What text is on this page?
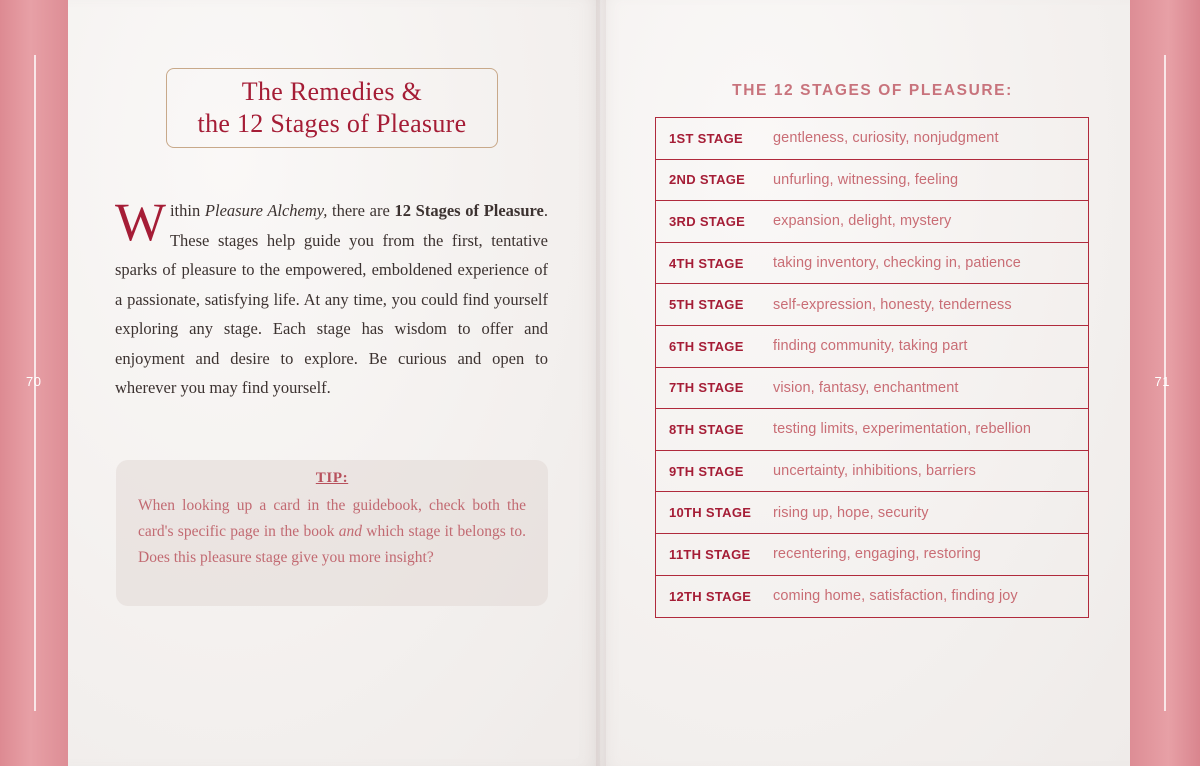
70	71
The Remedies &
the 12 Stages of Pleasure
Within Pleasure Alchemy, there are 12 Stages of Pleasure. These stages help guide you from the first, tentative sparks of pleasure to the empowered, emboldened experience of a passionate, satisfying life. At any time, you could find yourself exploring any stage. Each stage has wisdom to offer and enjoyment and desire to explore. Be curious and open to wherever you may find yourself.
TIP:
When looking up a card in the guidebook, check both the card's specific page in the book and which stage it belongs to. Does this pleasure stage give you more insight?
THE 12 STAGES OF PLEASURE:
1ST STAGE	gentleness, curiosity, nonjudgment
2ND STAGE	unfurling, witnessing, feeling
3RD STAGE	expansion, delight, mystery
4TH STAGE	taking inventory, checking in, patience
5TH STAGE	self-expression, honesty, tenderness
6TH STAGE	finding community, taking part
7TH STAGE	vision, fantasy, enchantment
8TH STAGE	testing limits, experimentation, rebellion
9TH STAGE	uncertainty, inhibitions, barriers
10TH STAGE	rising up, hope, security
11TH STAGE	recentering, engaging, restoring
12TH STAGE	coming home, satisfaction, finding joy
